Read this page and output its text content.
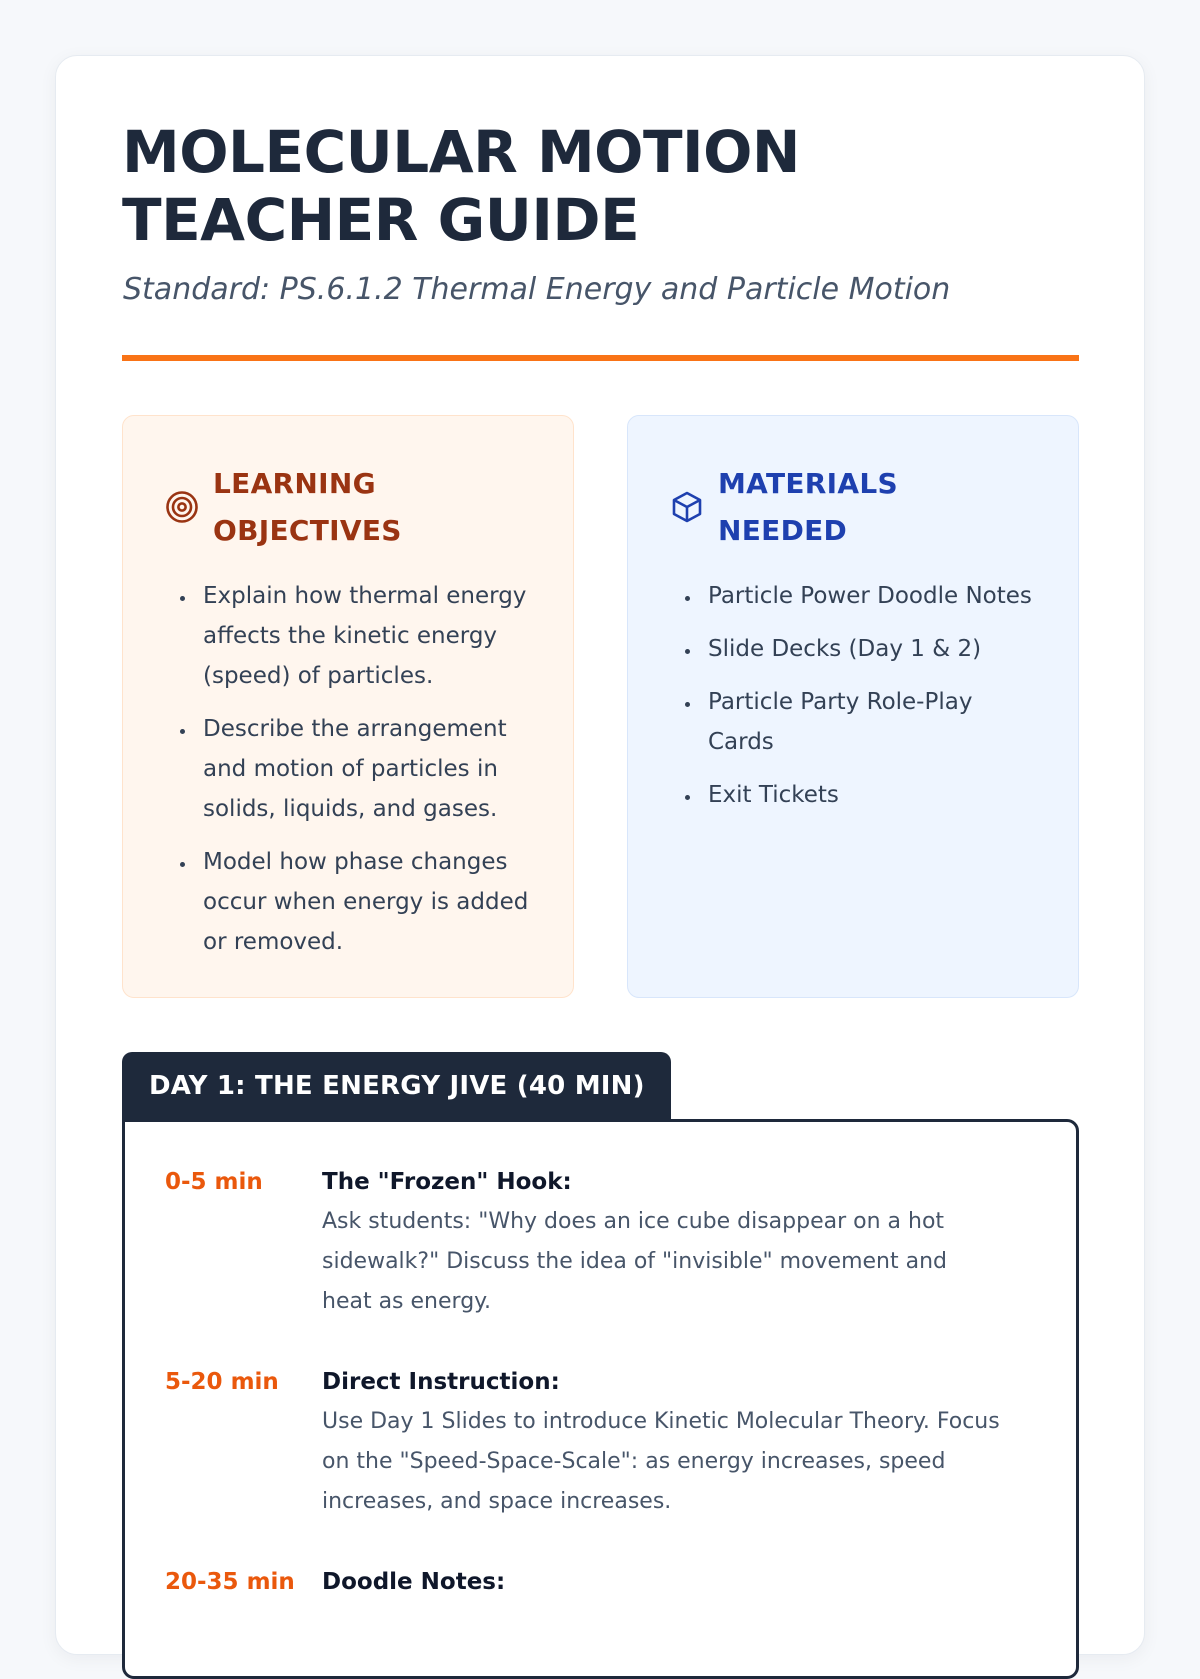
MOLECULAR MOTION
TEACHER GUIDE

Standard: PS.6.1.2 Thermal Energy and Particle Motion

LEARNING
OBJECTIVES
• Explain how thermal energy affects the kinetic energy (speed) of particles.
• Describe the arrangement and motion of particles in solids, liquids, and gases.
• Model how phase changes occur when energy is added or removed.
MATERIALS
NEEDED
• Particle Power Doodle Notes
• Slide Decks (Day 1 & 2)
• Particle Party Role-Play Cards
• Exit Tickets
DAY 1: THE ENERGY JIVE (40 MIN)
0-5 min	The "Frozen" Hook:
Ask students: "Why does an ice cube disappear on a hot sidewalk?" Discuss the idea of "invisible" movement and heat as energy.
5-20 min Direct Instruction:
Use Day 1 Slides to introduce Kinetic Molecular Theory. Focus on the "Speed-Space-Scale": as energy increases, speed increases, and space increases.
20-35 min Doodle Notes:
